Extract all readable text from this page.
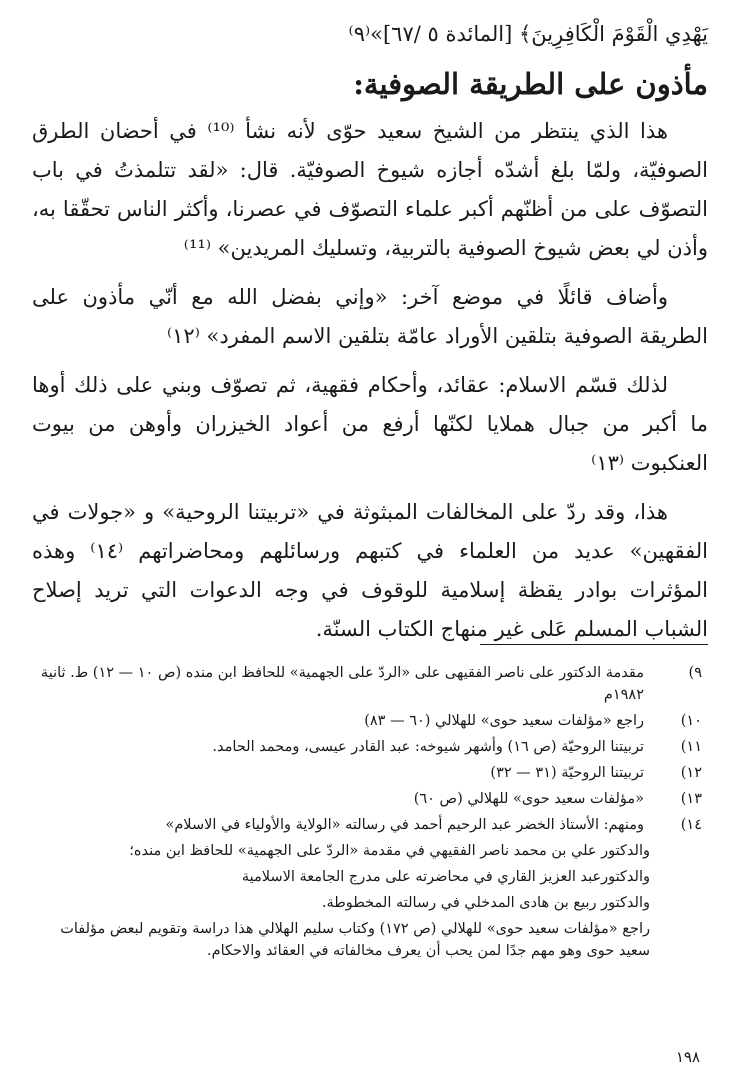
يَهْدِي الْقَوْمَ الْكَافِرِينَ﴾ [المائدة ٥ /٦٧]»⁽٩⁾

مأذون على الطريقة الصوفية:

هذا الذي ينتظر من الشيخ سعيد حوّى لأنه نشأ ⁽¹⁰⁾ في أحضان الطرق الصوفيّة، ولمّا بلغ أشدّه أجازه شيوخ الصوفيّة. قال: «لقد تتلمذتُ في باب التصوّف على من أظنّهم أكبر علماء التصوّف في عصرنا، وأكثر الناس تحقّقا به، وأذن لي بعض شيوخ الصوفية بالتربية، وتسليك المريدين» ⁽¹¹⁾

وأضاف قائلًا في موضع آخر: «وإني بفضل الله مع أنّي مأذون على الطريقة الصوفية بتلقين الأوراد عامّة بتلقين الاسم المفرد» ⁽١٢⁾

لذلك قسّم الاسلام: عقائد، وأحكام فقهية، ثم تصوّف وبني على ذلك أوها ما أكبر من جبال هملايا لكنّها أرفع من أعواد الخيزران وأوهن من بيوت العنكبوت ⁽١٣⁾

هذا، وقد ردّ على المخالفات المبثوثة في «تربيتنا الروحية» و «جولات في الفقهين» عديد من العلماء في كتبهم ورسائلهم ومحاضراتهم ⁽١٤⁾ وهذه المؤثرات بوادر يقظة إسلامية للوقوف في وجه الدعوات التي تريد إصلاح الشباب المسلم عَلى غير منهاج الكتاب السنّة.

٩)
مقدمة الدكتور على ناصر الفقيهى على «الردّ على الجهمية» للحافظ ابن منده (ص ١٠ — ١٢) ط. ثانية ١٩٨٢م
١٠)
راجع «مؤلفات سعيد حوى» للهلالي (٦٠ — ٨٣)
١١)
تربيتنا الروحيّة (ص ١٦) وأشهر شيوخه: عبد القادر عيسى، ومحمد الحامد.
١٢)
تربيتنا الروحيّة (٣١ — ٣٢)
١٣)
«مؤلفات سعيد حوى» للهلالي (ص ٦٠)
١٤)
ومنهم: الأستاذ الخضر عبد الرحيم أحمد في رسالته «الولاية والأولياء في الاسلام»

والدكتور علي بن محمد ناصر الفقيهي في مقدمة «الردّ على الجهمية» للحافظ ابن منده؛

والدكتورعبد العزيز القاري في محاضرته على مدرج الجامعة الاسلامية

والدكتور ربيع بن هادى المدخلي في رسالته المخطوطة.

راجع «مؤلفات سعيد حوى» للهلالي (ص ١٧٢) وكتاب سليم الهلالي هذا دراسة وتقويم لبعض مؤلفات سعيد حوى وهو مهم جدًا لمن يحب أن يعرف مخالفاته في العقائد والاحكام.

١٩٨
